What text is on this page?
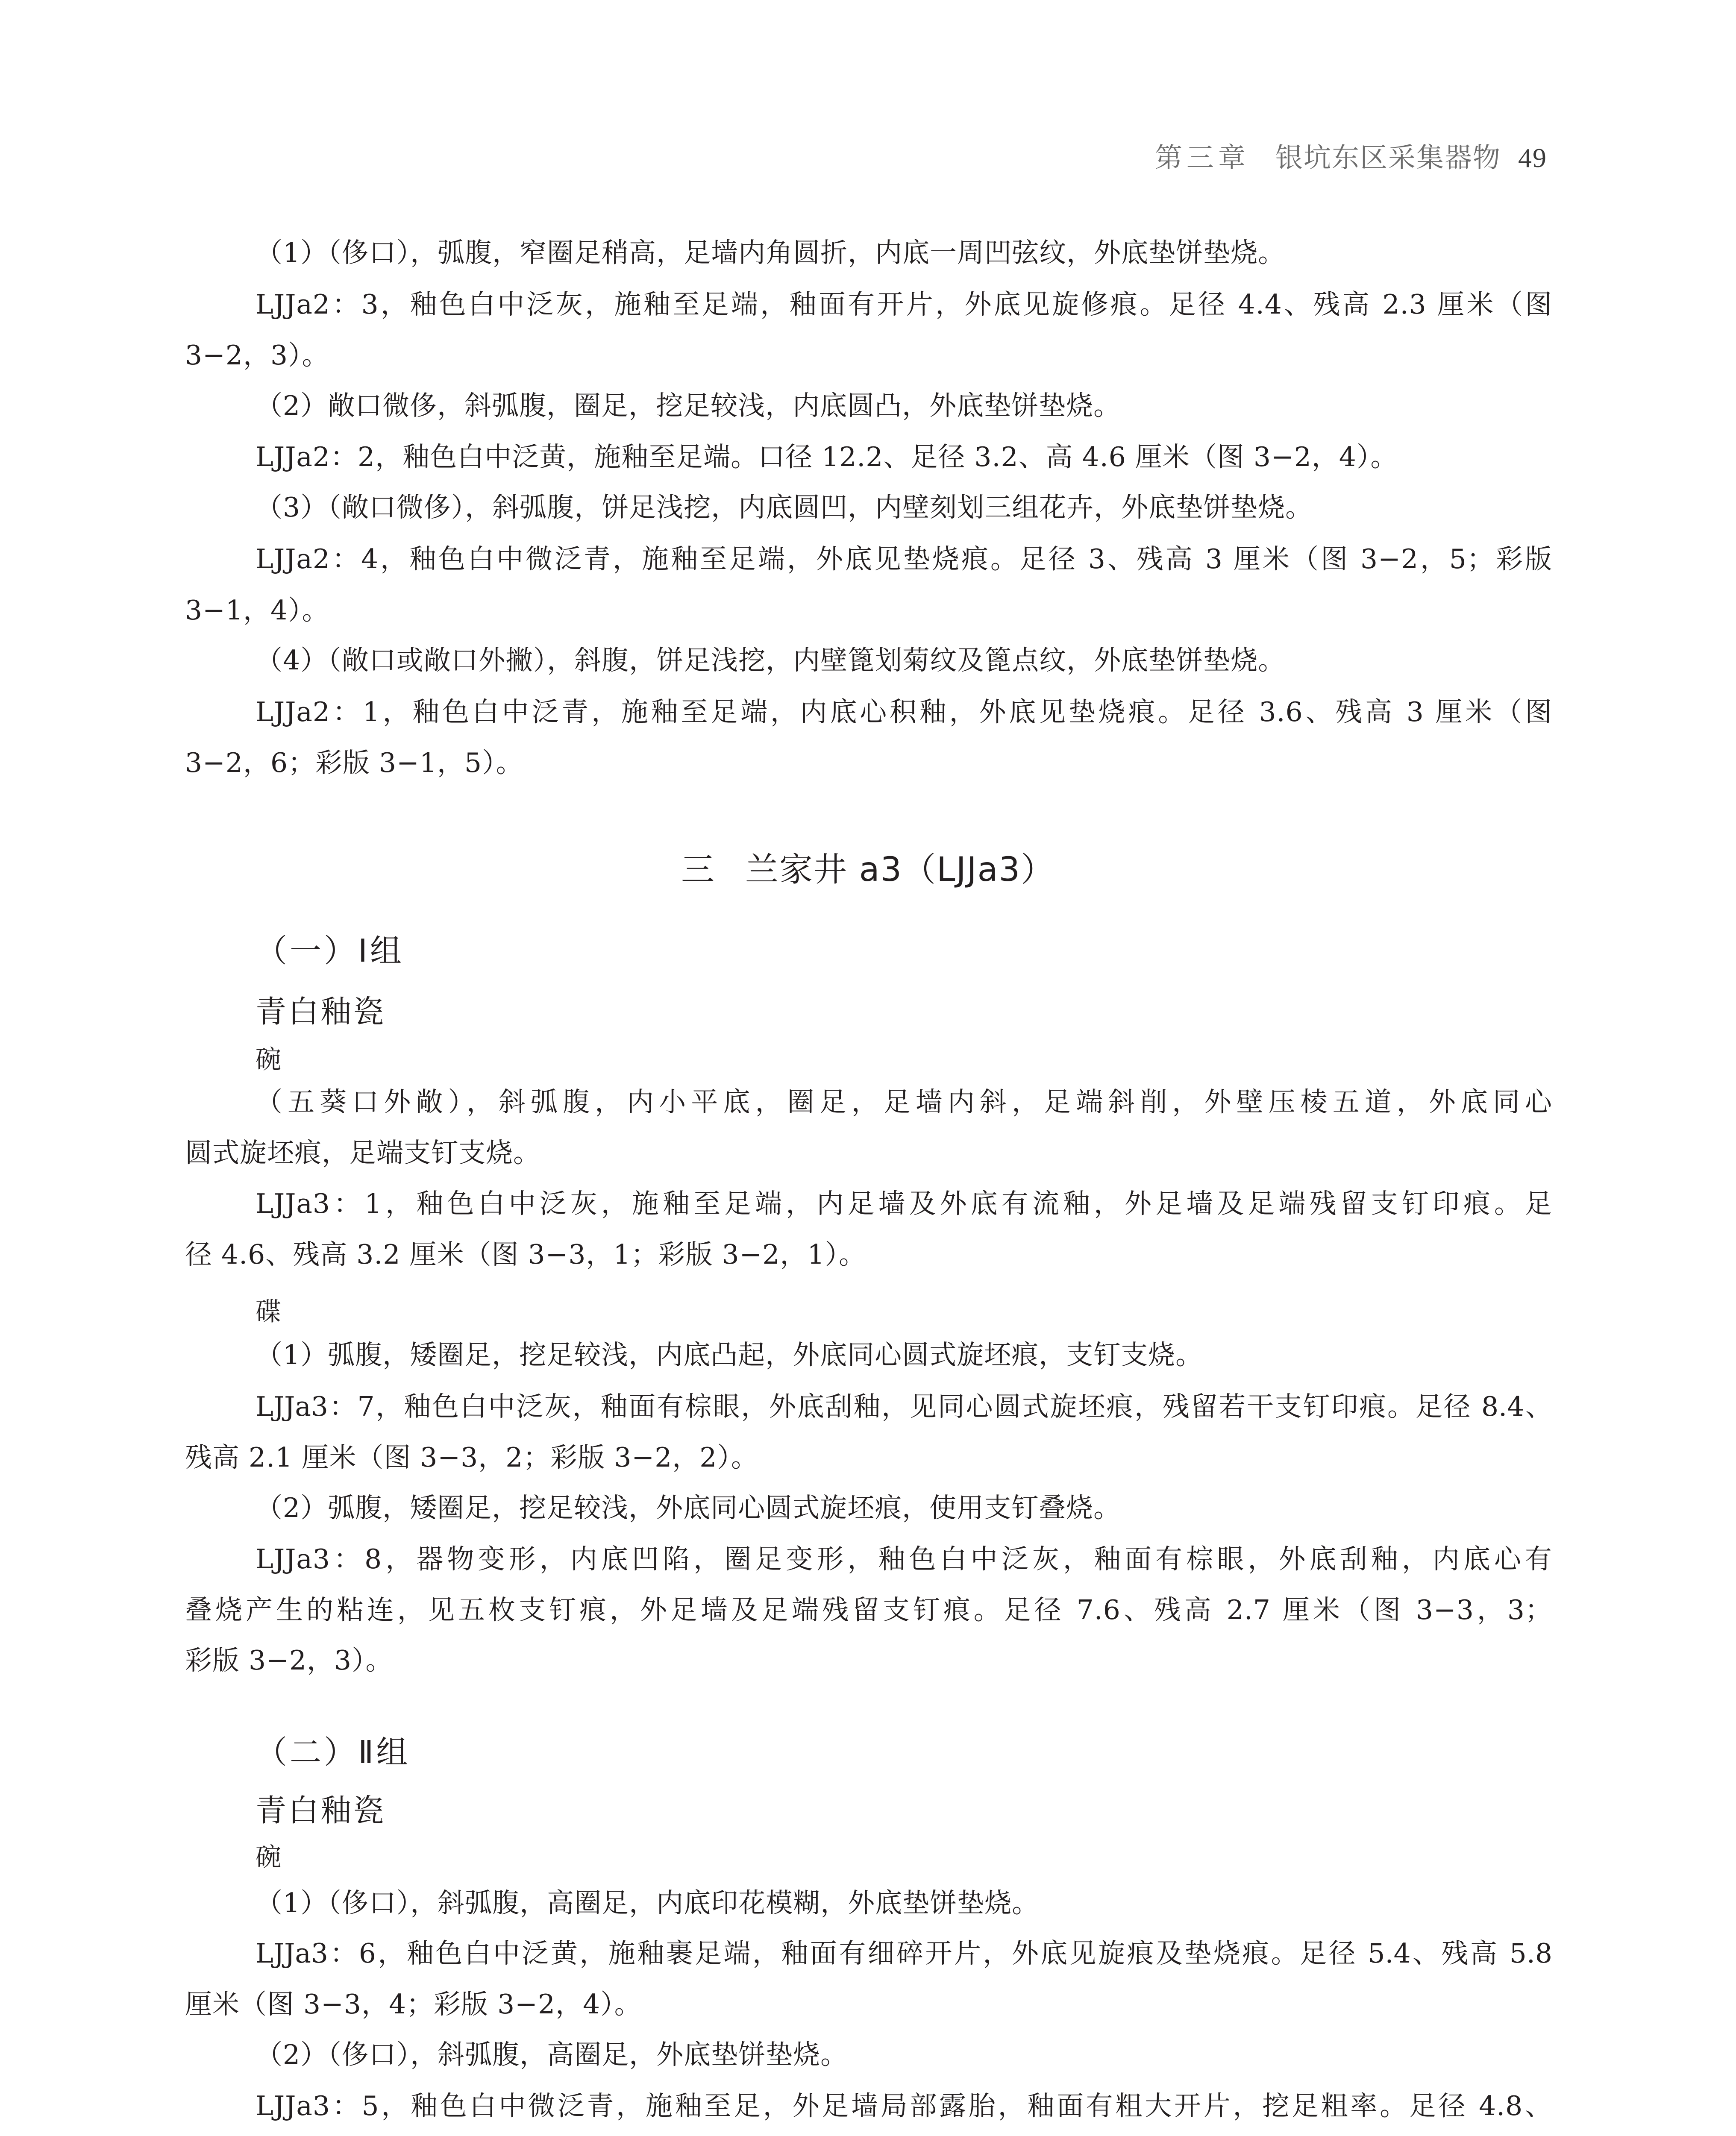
第三章 银坑东区采集器物 49
（1）（侈口），弧腹，窄圈足稍高，足墙内角圆折，内底一周凹弦纹，外底垫饼垫烧。
LJJa2：3，釉色白中泛灰，施釉至足端，釉面有开片，外底见旋修痕。足径 4.4、残高 2.3 厘米（图
3−2，3）。
（2）敞口微侈，斜弧腹，圈足，挖足较浅，内底圆凸，外底垫饼垫烧。
LJJa2：2，釉色白中泛黄，施釉至足端。口径 12.2、足径 3.2、高 4.6 厘米（图 3−2，4）。
（3）（敞口微侈），斜弧腹，饼足浅挖，内底圆凹，内壁刻划三组花卉，外底垫饼垫烧。
LJJa2：4，釉色白中微泛青，施釉至足端，外底见垫烧痕。足径 3、残高 3 厘米（图 3−2，5；彩版
3−1，4）。
（4）（敞口或敞口外撇），斜腹，饼足浅挖，内壁篦划菊纹及篦点纹，外底垫饼垫烧。
LJJa2：1，釉色白中泛青，施釉至足端，内底心积釉，外底见垫烧痕。足径 3.6、残高 3 厘米（图
3−2，6；彩版 3−1，5）。
三 兰家井 a3（LJJa3）
（一）Ⅰ组
青白釉瓷
碗
（五葵口外敞），斜弧腹，内小平底，圈足，足墙内斜，足端斜削，外壁压棱五道，外底同心
圆式旋坯痕，足端支钉支烧。
LJJa3：1，釉色白中泛灰，施釉至足端，内足墙及外底有流釉，外足墙及足端残留支钉印痕。足
径 4.6、残高 3.2 厘米（图 3−3，1；彩版 3−2，1）。
碟
（1）弧腹，矮圈足，挖足较浅，内底凸起，外底同心圆式旋坯痕，支钉支烧。
LJJa3：7，釉色白中泛灰，釉面有棕眼，外底刮釉，见同心圆式旋坯痕，残留若干支钉印痕。足径 8.4、
残高 2.1 厘米（图 3−3，2；彩版 3−2，2）。
（2）弧腹，矮圈足，挖足较浅，外底同心圆式旋坯痕，使用支钉叠烧。
LJJa3：8，器物变形，内底凹陷，圈足变形，釉色白中泛灰，釉面有棕眼，外底刮釉，内底心有
叠烧产生的粘连，见五枚支钉痕，外足墙及足端残留支钉痕。足径 7.6、残高 2.7 厘米（图 3−3，3；
彩版 3−2，3）。
（二）Ⅱ组
青白釉瓷
碗
（1）（侈口），斜弧腹，高圈足，内底印花模糊，外底垫饼垫烧。
LJJa3：6，釉色白中泛黄，施釉裹足端，釉面有细碎开片，外底见旋痕及垫烧痕。足径 5.4、残高 5.8
厘米（图 3−3，4；彩版 3−2，4）。
（2）（侈口），斜弧腹，高圈足，外底垫饼垫烧。
LJJa3：5，釉色白中微泛青，施釉至足，外足墙局部露胎，釉面有粗大开片，挖足粗率。足径 4.8、
